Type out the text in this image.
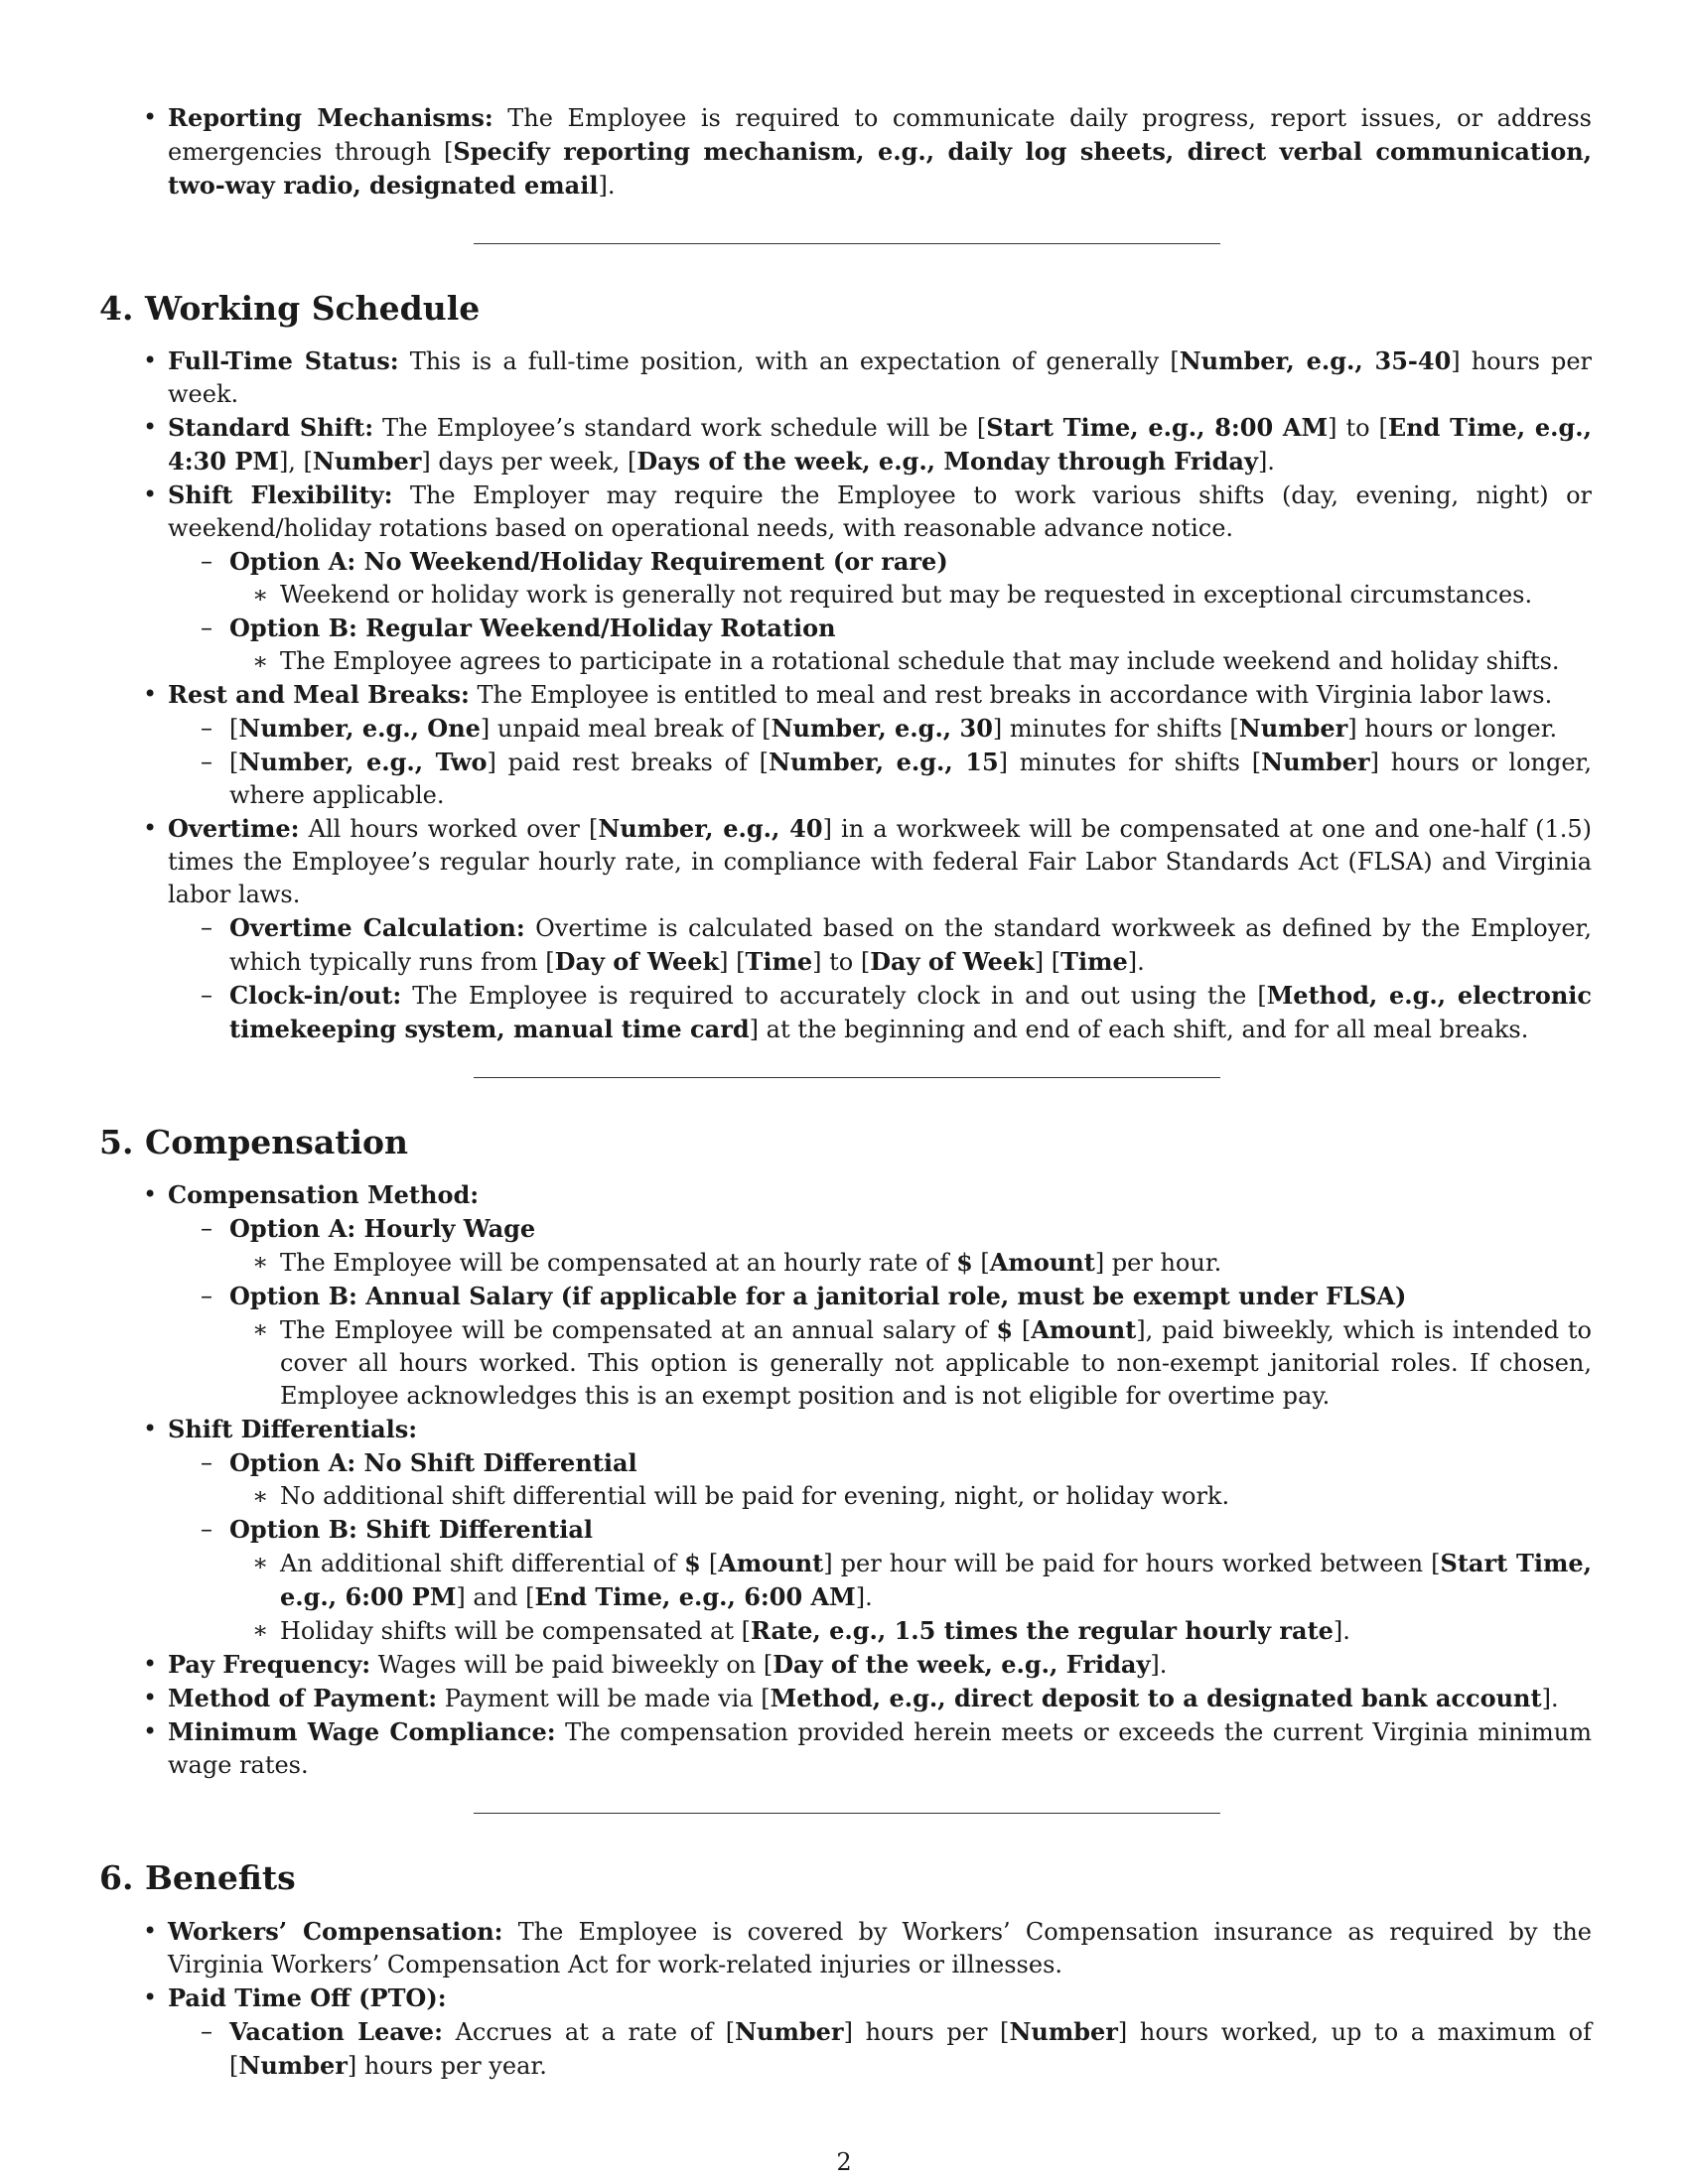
• Reporting Mechanisms: The Employee is required to communicate daily progress, report issues, or address emergencies through [Specify reporting mechanism, e.g., daily log sheets, direct verbal communication, two-way radio, designated email].

4. Working Schedule

• Full-Time Status: This is a full-time position, with an expectation of generally [Number, e.g., 35-40] hours per week.

• Standard Shift: The Employee’s standard work schedule will be [Start Time, e.g., 8:00 AM] to [End Time, e.g., 4:30 PM], [Number] days per week, [Days of the week, e.g., Monday through Friday].

• Shift Flexibility: The Employer may require the Employee to work various shifts (day, evening, night) or weekend/holiday rotations based on operational needs, with reasonable advance notice.

– Option A: No Weekend/Holiday Requirement (or rare)

∗ Weekend or holiday work is generally not required but may be requested in exceptional circumstances.

– Option B: Regular Weekend/Holiday Rotation

∗ The Employee agrees to participate in a rotational schedule that may include weekend and holiday shifts.

• Rest and Meal Breaks: The Employee is entitled to meal and rest breaks in accordance with Virginia labor laws.

– [Number, e.g., One] unpaid meal break of [Number, e.g., 30] minutes for shifts [Number] hours or longer.

– [Number, e.g., Two] paid rest breaks of [Number, e.g., 15] minutes for shifts [Number] hours or longer, where applicable.

• Overtime: All hours worked over [Number, e.g., 40] in a workweek will be compensated at one and one-half (1.5) times the Employee’s regular hourly rate, in compliance with federal Fair Labor Standards Act (FLSA) and Virginia labor laws.

– Overtime Calculation: Overtime is calculated based on the standard workweek as defined by the Employer, which typically runs from [Day of Week] [Time] to [Day of Week] [Time].

– Clock-in/out: The Employee is required to accurately clock in and out using the [Method, e.g., electronic timekeeping system, manual time card] at the beginning and end of each shift, and for all meal breaks.

5. Compensation

• Compensation Method:

– Option A: Hourly Wage

∗ The Employee will be compensated at an hourly rate of $ [Amount] per hour.

– Option B: Annual Salary (if applicable for a janitorial role, must be exempt under FLSA)

∗ The Employee will be compensated at an annual salary of $ [Amount], paid biweekly, which is intended to cover all hours worked. This option is generally not applicable to non-exempt janitorial roles. If chosen, Employee acknowledges this is an exempt position and is not eligible for overtime pay.

• Shift Differentials:

– Option A: No Shift Differential

∗ No additional shift differential will be paid for evening, night, or holiday work.

– Option B: Shift Differential

∗ An additional shift differential of $ [Amount] per hour will be paid for hours worked between [Start Time, e.g., 6:00 PM] and [End Time, e.g., 6:00 AM].

∗ Holiday shifts will be compensated at [Rate, e.g., 1.5 times the regular hourly rate].

• Pay Frequency: Wages will be paid biweekly on [Day of the week, e.g., Friday].

• Method of Payment: Payment will be made via [Method, e.g., direct deposit to a designated bank account].

• Minimum Wage Compliance: The compensation provided herein meets or exceeds the current Virginia minimum wage rates.

6. Benefits

• Workers’ Compensation: The Employee is covered by Workers’ Compensation insurance as required by the Virginia Workers’ Compensation Act for work-related injuries or illnesses.

• Paid Time Off (PTO):

– Vacation Leave: Accrues at a rate of [Number] hours per [Number] hours worked, up to a maximum of [Number] hours per year.

2
